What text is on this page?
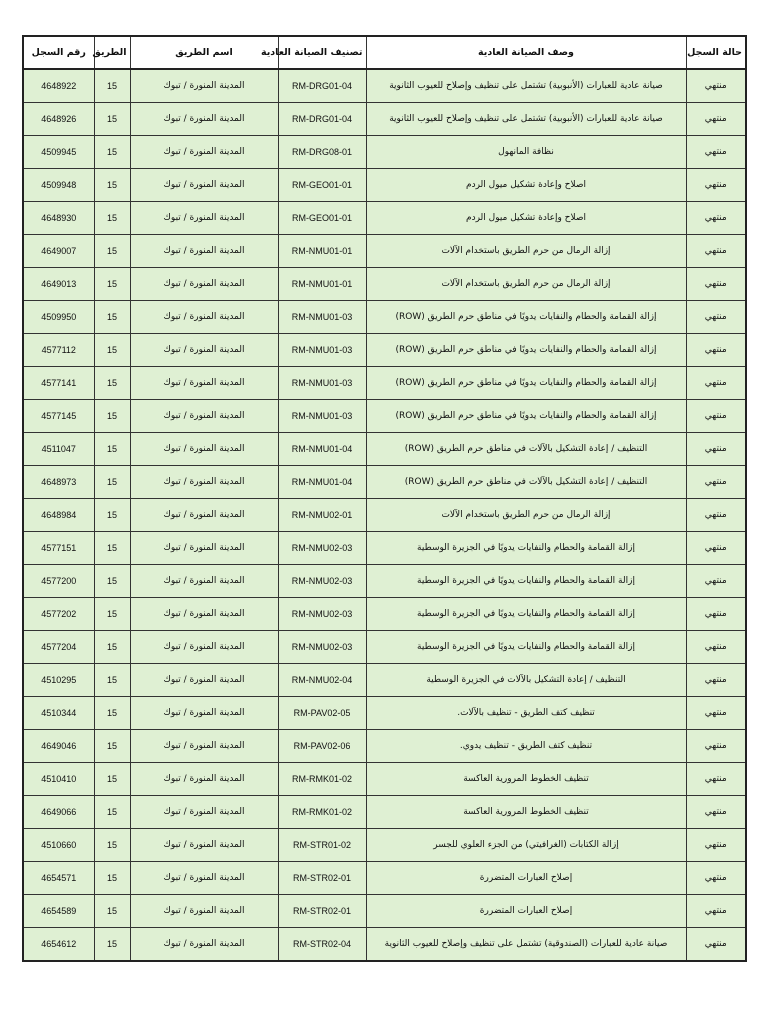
حالة السجل	وصف الصيانة العادية	تصنيف الصيانة العادية	اسم الطريق	الطريق	رقم السجل
منتهي	صيانة عادية للعبارات (الأنبوبية) تشتمل على تنظيف وإصلاح للعيوب الثانوية	RM-DRG01-04	المدينة المنورة / تبوك	15	4648922
منتهي	صيانة عادية للعبارات (الأنبوبية) تشتمل على تنظيف وإصلاح للعيوب الثانوية	RM-DRG01-04	المدينة المنورة / تبوك	15	4648926
منتهي	نظافة المانهول	RM-DRG08-01	المدينة المنورة / تبوك	15	4509945
منتهي	اصلاح وإعادة تشكيل ميول الردم	RM-GEO01-01	المدينة المنورة / تبوك	15	4509948
منتهي	اصلاح وإعادة تشكيل ميول الردم	RM-GEO01-01	المدينة المنورة / تبوك	15	4648930
منتهي	إزالة الرمال من حرم الطريق باستخدام الآلات	RM-NMU01-01	المدينة المنورة / تبوك	15	4649007
منتهي	إزالة الرمال من حرم الطريق باستخدام الآلات	RM-NMU01-01	المدينة المنورة / تبوك	15	4649013
منتهي	إزالة القمامة والحطام والنفايات يدويًا في مناطق حرم الطريق (ROW)	RM-NMU01-03	المدينة المنورة / تبوك	15	4509950
منتهي	إزالة القمامة والحطام والنفايات يدويًا في مناطق حرم الطريق (ROW)	RM-NMU01-03	المدينة المنورة / تبوك	15	4577112
منتهي	إزالة القمامة والحطام والنفايات يدويًا في مناطق حرم الطريق (ROW)	RM-NMU01-03	المدينة المنورة / تبوك	15	4577141
منتهي	إزالة القمامة والحطام والنفايات يدويًا في مناطق حرم الطريق (ROW)	RM-NMU01-03	المدينة المنورة / تبوك	15	4577145
منتهي	التنظيف / إعادة التشكيل بالآلات في مناطق حرم الطريق (ROW)	RM-NMU01-04	المدينة المنورة / تبوك	15	4511047
منتهي	التنظيف / إعادة التشكيل بالآلات في مناطق حرم الطريق (ROW)	RM-NMU01-04	المدينة المنورة / تبوك	15	4648973
منتهي	إزالة الرمال من حرم الطريق باستخدام الآلات	RM-NMU02-01	المدينة المنورة / تبوك	15	4648984
منتهي	إزالة القمامة والحطام والنفايات يدويًا في الجزيرة الوسطية	RM-NMU02-03	المدينة المنورة / تبوك	15	4577151
منتهي	إزالة القمامة والحطام والنفايات يدويًا في الجزيرة الوسطية	RM-NMU02-03	المدينة المنورة / تبوك	15	4577200
منتهي	إزالة القمامة والحطام والنفايات يدويًا في الجزيرة الوسطية	RM-NMU02-03	المدينة المنورة / تبوك	15	4577202
منتهي	إزالة القمامة والحطام والنفايات يدويًا في الجزيرة الوسطية	RM-NMU02-03	المدينة المنورة / تبوك	15	4577204
منتهي	التنظيف / إعادة التشكيل بالآلات في الجزيرة الوسطية	RM-NMU02-04	المدينة المنورة / تبوك	15	4510295
منتهي	تنظيف كتف الطريق - تنظيف بالآلات.	RM-PAV02-05	المدينة المنورة / تبوك	15	4510344
منتهي	تنظيف كتف الطريق - تنظيف يدوي.	RM-PAV02-06	المدينة المنورة / تبوك	15	4649046
منتهي	تنظيف الخطوط المرورية العاكسة	RM-RMK01-02	المدينة المنورة / تبوك	15	4510410
منتهي	تنظيف الخطوط المرورية العاكسة	RM-RMK01-02	المدينة المنورة / تبوك	15	4649066
منتهي	إزالة الكتابات (الغرافيتي) من الجزء العلوي للجسر	RM-STR01-02	المدينة المنورة / تبوك	15	4510660
منتهي	إصلاح العبارات المتضررة	RM-STR02-01	المدينة المنورة / تبوك	15	4654571
منتهي	إصلاح العبارات المتضررة	RM-STR02-01	المدينة المنورة / تبوك	15	4654589
منتهي	صيانة عادية للعبارات (الصندوقية) تشتمل على تنظيف وإصلاح للعيوب الثانوية	RM-STR02-04	المدينة المنورة / تبوك	15	4654612
